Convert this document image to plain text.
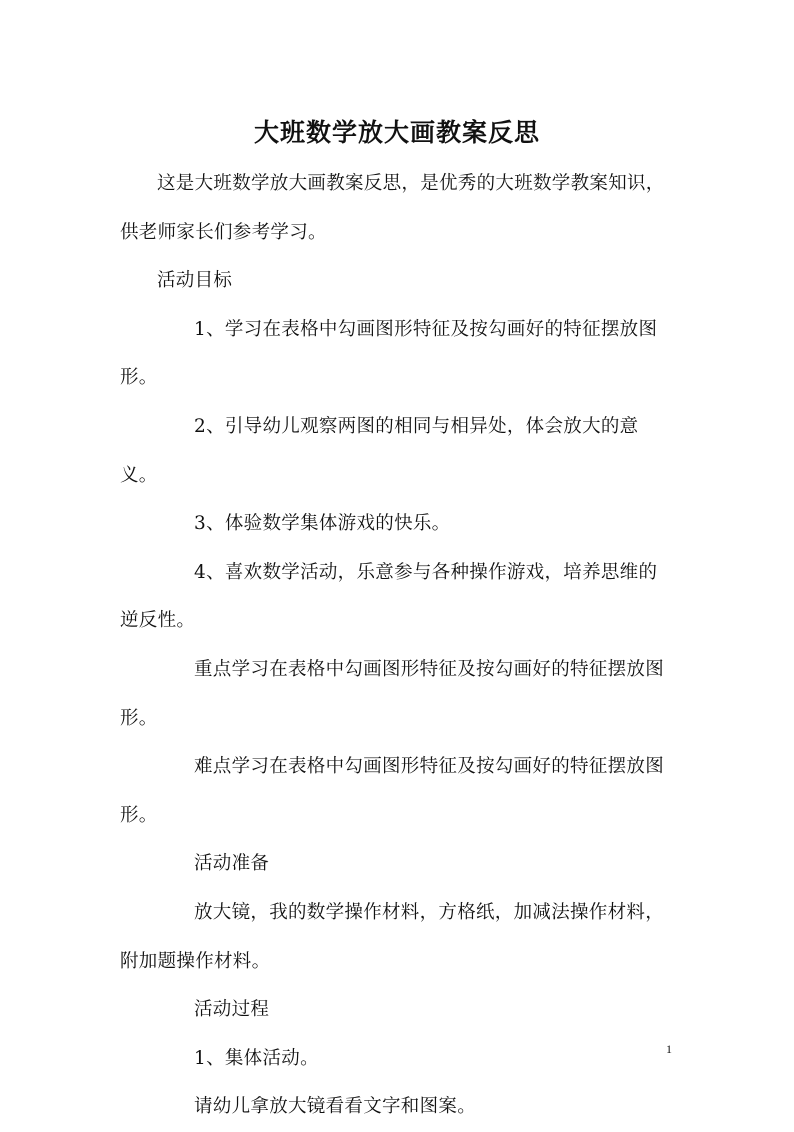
大班数学放大画教案反思

这是大班数学放大画教案反思，是优秀的大班数学教案知识，供老师家长们参考学习。

活动目标

1、学习在表格中勾画图形特征及按勾画好的特征摆放图形。

2、引导幼儿观察两图的相同与相异处，体会放大的意义。

3、体验数学集体游戏的快乐。

4、喜欢数学活动，乐意参与各种操作游戏，培养思维的逆反性。

重点学习在表格中勾画图形特征及按勾画好的特征摆放图形。

难点学习在表格中勾画图形特征及按勾画好的特征摆放图形。

活动准备

放大镜，我的数学操作材料，方格纸，加减法操作材料，附加题操作材料。

活动过程

1、集体活动。

请幼儿拿放大镜看看文字和图案。

1
